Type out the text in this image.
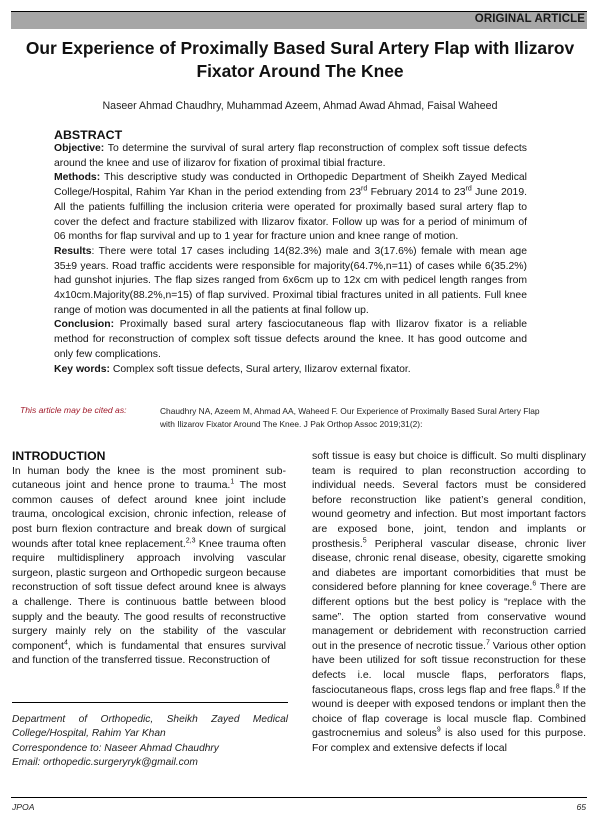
ORIGINAL ARTICLE
Our Experience of Proximally Based Sural Artery Flap with Ilizarov
Fixator Around The Knee
Naseer Ahmad Chaudhry, Muhammad Azeem, Ahmad Awad Ahmad, Faisal Waheed
ABSTRACT

Objective: To determine the survival of sural artery flap reconstruction of complex soft tissue defects around the knee and use of ilizarov for fixation of proximal tibial fracture.

Methods: This descriptive study was conducted in Orthopedic Department of Sheikh Zayed Medical College/Hospital, Rahim Yar Khan in the period extending from 23rd February 2014 to 23rd June 2019. All the patients fulfilling the inclusion criteria were operated for proximally based sural artery flap to cover the defect and fracture stabilized with Ilizarov fixator. Follow up was for a period of minimum of 06 months for flap survival and up to 1 year for fracture union and knee range of motion.

Results: There were total 17 cases including 14(82.3%) male and 3(17.6%) female with mean age 35±9 years. Road traffic accidents were responsible for majority(64.7%,n=11) of cases while 6(35.2%) had gunshot injuries. The flap sizes ranged from 6x6cm up to 12x cm with pedicel length ranges from 4x10cm.Majority(88.2%,n=15) of flap survived. Proximal tibial fractures united in all patients. Full knee range of motion was documented in all the patients at final follow up.

Conclusion: Proximally based sural artery fasciocutaneous flap with Ilizarov fixator is a reliable method for reconstruction of complex soft tissue defects around the knee. It has good outcome and only few complications.

Key words: Complex soft tissue defects, Sural artery, Ilizarov external fixator.

This article may be cited as:	Chaudhry NA, Azeem M, Ahmad AA, Waheed F. Our Experience of Proximally Based Sural Artery Flap
with Ilizarov Fixator Around The Knee. J Pak Orthop Assoc 2019;31(2):
INTRODUCTION

In human body the knee is the most prominent sub-cutaneous joint and hence prone to trauma.$^1$ The most common causes of defect around knee joint include trauma, oncological excision, chronic infection, release of post burn flexion contracture and break down of surgical wounds after total knee replacement.$^{2,3}$ Knee trauma often require multidisplinery approach involving vascular surgeon, plastic surgeon and Orthopedic surgeon because reconstruction of soft tissue defect around knee is always a challenge. There is continuous battle between blood supply and the beauty. The good results of reconstructive surgery mainly rely on the stability of the vascular component$^4$, which is fundamental that ensures survival and function of the transferred tissue. Reconstruction of

soft tissue is easy but choice is difficult. So multi displinary team is required to plan reconstruction according to individual needs. Several factors must be considered before reconstruction like patient’s general condition, wound geometry and infection. But most important factors are exposed bone, joint, tendon and implants or prosthesis.$^5$ Peripheral vascular disease, chronic liver disease, chronic renal disease, obesity, cigarette smoking and diabetes are important comorbidities that must be considered before planning for knee coverage.$^6$ There are different options but the best policy is “replace with the same”. The option started from conservative wound management or debridement with reconstruction carried out in the presence of necrotic tissue.$^7$ Various other option have been utilized for soft tissue reconstruction for these defects i.e. local muscle flaps, perforators flaps, fasciocutaneous flaps, cross legs flap and free flaps.$^8$ If the wound is deeper with exposed tendons or implant then the choice of flap coverage is local muscle flap. Combined gastrocnemius and soleus$^9$ is also used for this purpose. For complex and extensive defects if local

Department of Orthopedic, Sheikh Zayed Medical
College/Hospital, Rahim Yar Khan
Correspondence to: Naseer Ahmad Chaudhry
Email: orthopedic.surgeryryk@gmail.com
JPOA	65
